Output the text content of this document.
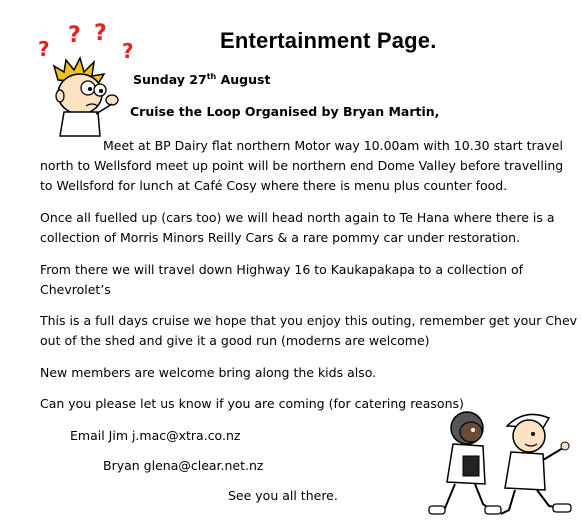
?
? ?
?	Entertainment Page.
Sunday 27th August
Cruise the Loop Organised by Bryan Martin,
Meet at BP Dairy flat northern Motor way 10.00am with 10.30 start travel
north to Wellsford meet up point will be northern end Dome Valley before travelling
to Wellsford for lunch at Café Cosy where there is menu plus counter food.
Once all fuelled up (cars too) we will head north again to Te Hana where there is a
collection of Morris Minors Reilly Cars & a rare pommy car under restoration.
From there we will travel down Highway 16 to Kaukapakapa to a collection of
Chevrolet’s
This is a full days cruise we hope that you enjoy this outing, remember get your Chev
out of the shed and give it a good run (moderns are welcome)
New members are welcome bring along the kids also.
Can you please let us know if you are coming (for catering reasons)
Email Jim j.mac@xtra.co.nz
Bryan glena@clear.net.nz
See you all there.
